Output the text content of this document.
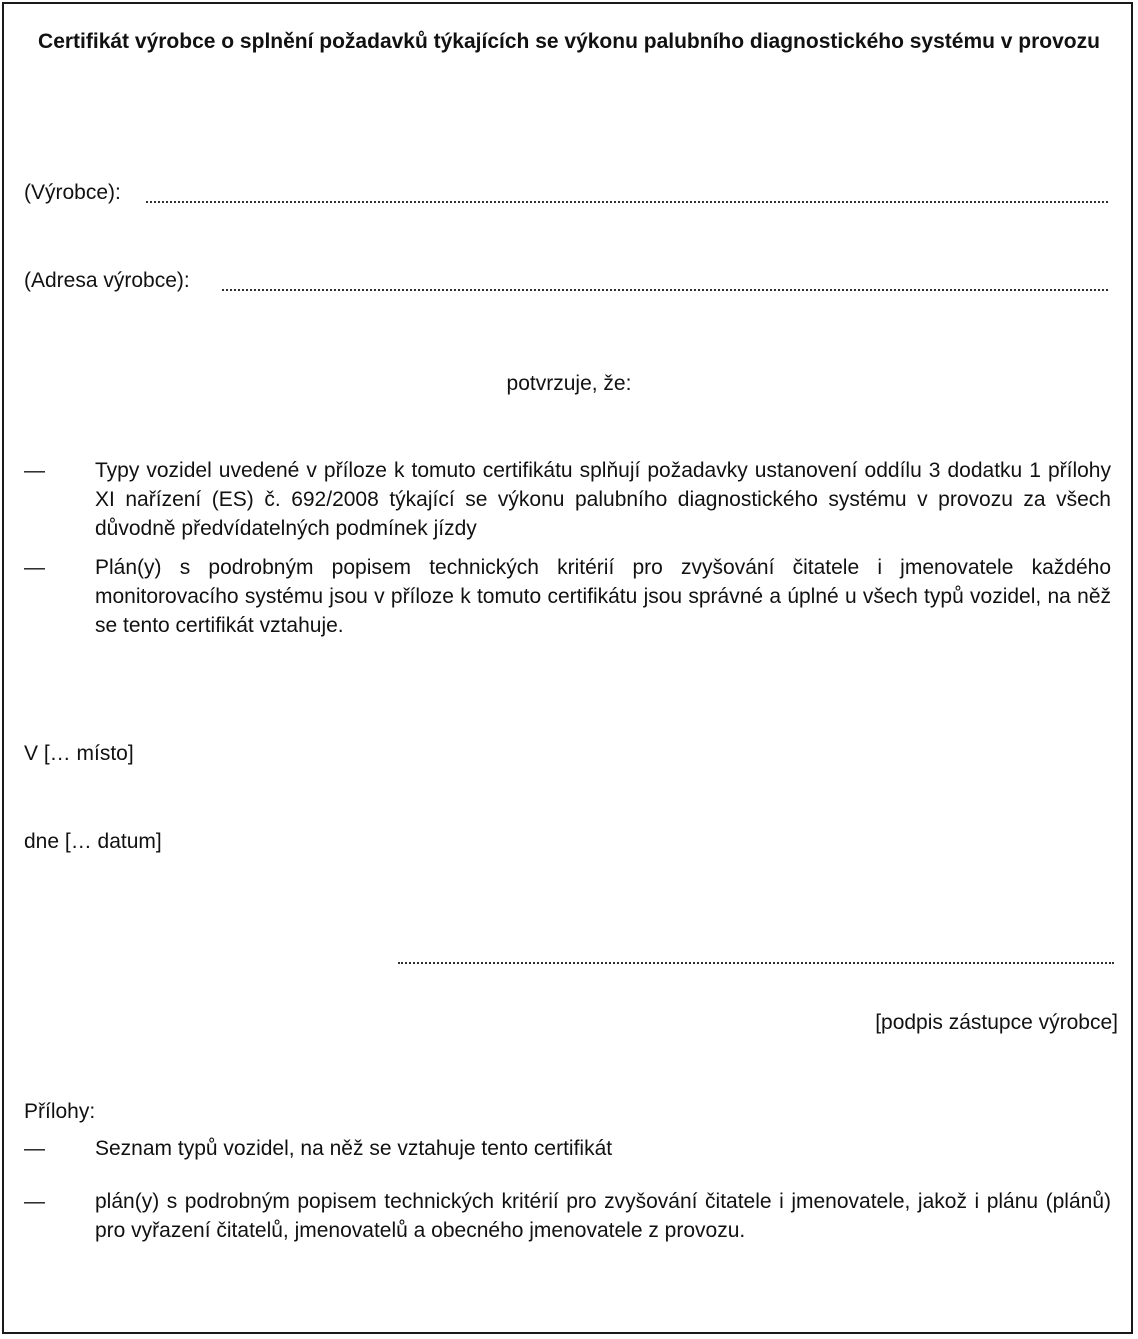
Certifikát výrobce o splnění požadavků týkajících se výkonu palubního diagnostického systému v provozu
(Výrobce):
(Adresa výrobce):
potvrzuje, že:
— Typy vozidel uvedené v příloze k tomuto certifikátu splňují požadavky ustanovení oddílu 3 dodatku 1 přílohy XI nařízení (ES) č. 692/2008 týkající se výkonu palubního diagnostického systému v provozu za všech důvodně předvídatelných podmínek jízdy
— Plán(y) s podrobným popisem technických kritérií pro zvyšování čitatele i jmenovatele každého monitorovacího systému jsou v příloze k tomuto certifikátu jsou správné a úplné u všech typů vozidel, na něž se tento certifikát vztahuje.
V [… místo]
dne [… datum]
[podpis zástupce výrobce]
Přílohy:
— Seznam typů vozidel, na něž se vztahuje tento certifikát
— plán(y) s podrobným popisem technických kritérií pro zvyšování čitatele i jmenovatele, jakož i plánu (plánů) pro vyřazení čitatelů, jmenovatelů a obecného jmenovatele z provozu.
